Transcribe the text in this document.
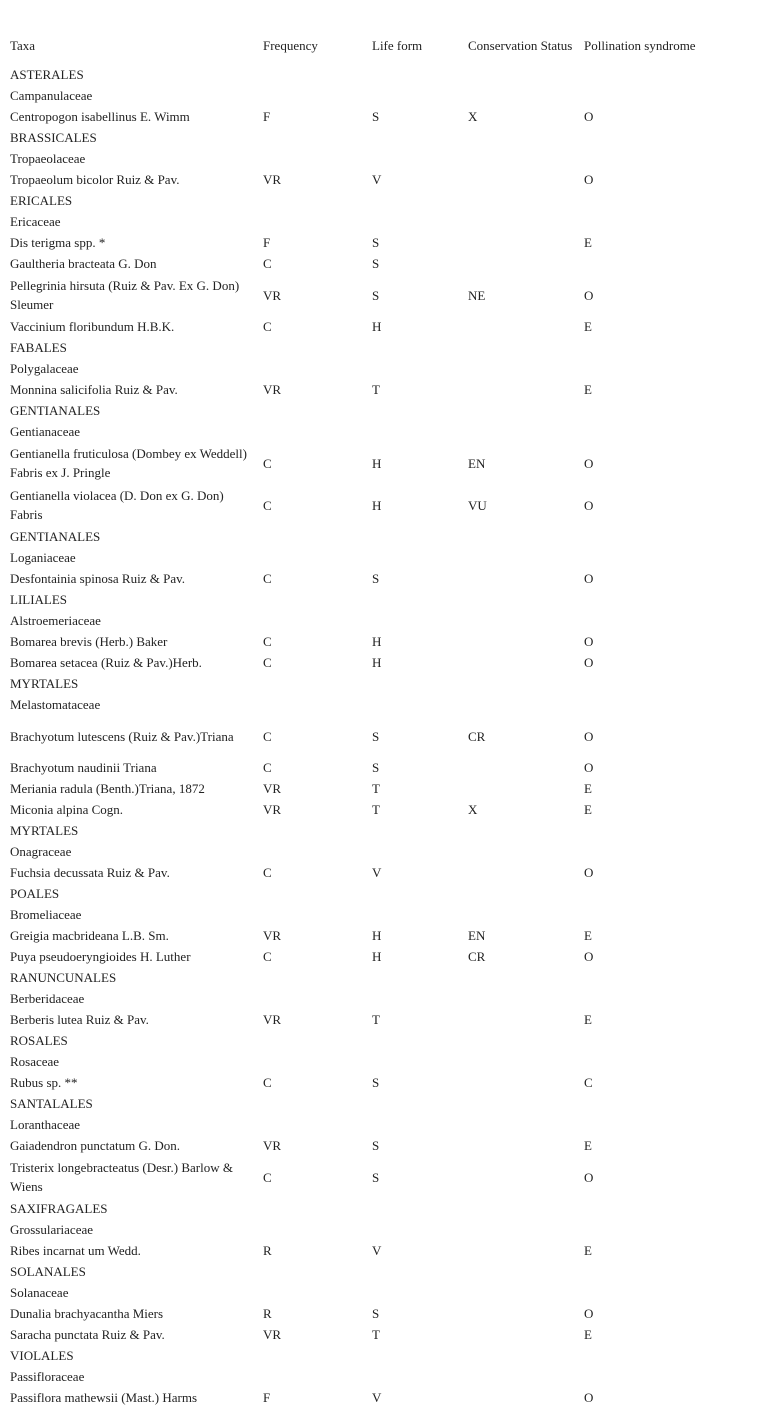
Taxa	Frequency	Life form	Conservation Status	Pollination syndrome
ASTERALES				
Campanulaceae				
Centropogon isabellinus E. Wimm	F	S	X	O
BRASSICALES				
Tropaeolaceae				
Tropaeolum bicolor Ruiz & Pav.	VR	V		O
ERICALES				
Ericaceae				
Dis terigma spp. *	F	S		E
Gaultheria bracteata G. Don	C	S		
Pellegrinia hirsuta (Ruiz & Pav. Ex G. Don) Sleumer	VR	S	NE	O
Vaccinium floribundum H.B.K.	C	H		E
FABALES				
Polygalaceae				
Monnina salicifolia Ruiz & Pav.	VR	T		E
GENTIANALES				
Gentianaceae				
Gentianella fruticulosa (Dombey ex Weddell) Fabris ex J. Pringle	C	H	EN	O
Gentianella violacea (D. Don ex G. Don) Fabris	C	H	VU	O
GENTIANALES				
Loganiaceae				
Desfontainia spinosa Ruiz & Pav.	C	S		O
LILIALES				
Alstroemeriaceae				
Bomarea brevis (Herb.) Baker	C	H		O
Bomarea setacea (Ruiz & Pav.)Herb.	C	H		O
MYRTALES				
Melastomataceae				
Brachyotum lutescens (Ruiz & Pav.)Triana	C	S	CR	O
Brachyotum naudinii Triana	C	S		O
Meriania radula (Benth.)Triana, 1872	VR	T		E
Miconia alpina Cogn.	VR	T	X	E
MYRTALES				
Onagraceae				
Fuchsia decussata Ruiz & Pav.	C	V		O
POALES				
Bromeliaceae				
Greigia macbrideana L.B. Sm.	VR	H	EN	E
Puya pseudoeryngioides H. Luther	C	H	CR	O
RANUNCUNALES				
Berberidaceae				
Berberis lutea Ruiz & Pav.	VR	T		E
ROSALES				
Rosaceae				
Rubus sp. **	C	S		C
SANTALALES				
Loranthaceae				
Gaiadendron punctatum G. Don.	VR	S		E
Tristerix longebracteatus (Desr.) Barlow & Wiens	C	S		O
SAXIFRAGALES				
Grossulariaceae				
Ribes incarnat um Wedd.	R	V		E
SOLANALES				
Solanaceae				
Dunalia brachyacantha Miers	R	S		O
Saracha punctata Ruiz & Pav.	VR	T		E
VIOLALES				
Passifloraceae				
Passiflora mathewsii (Mast.) Harms	F	V		O
